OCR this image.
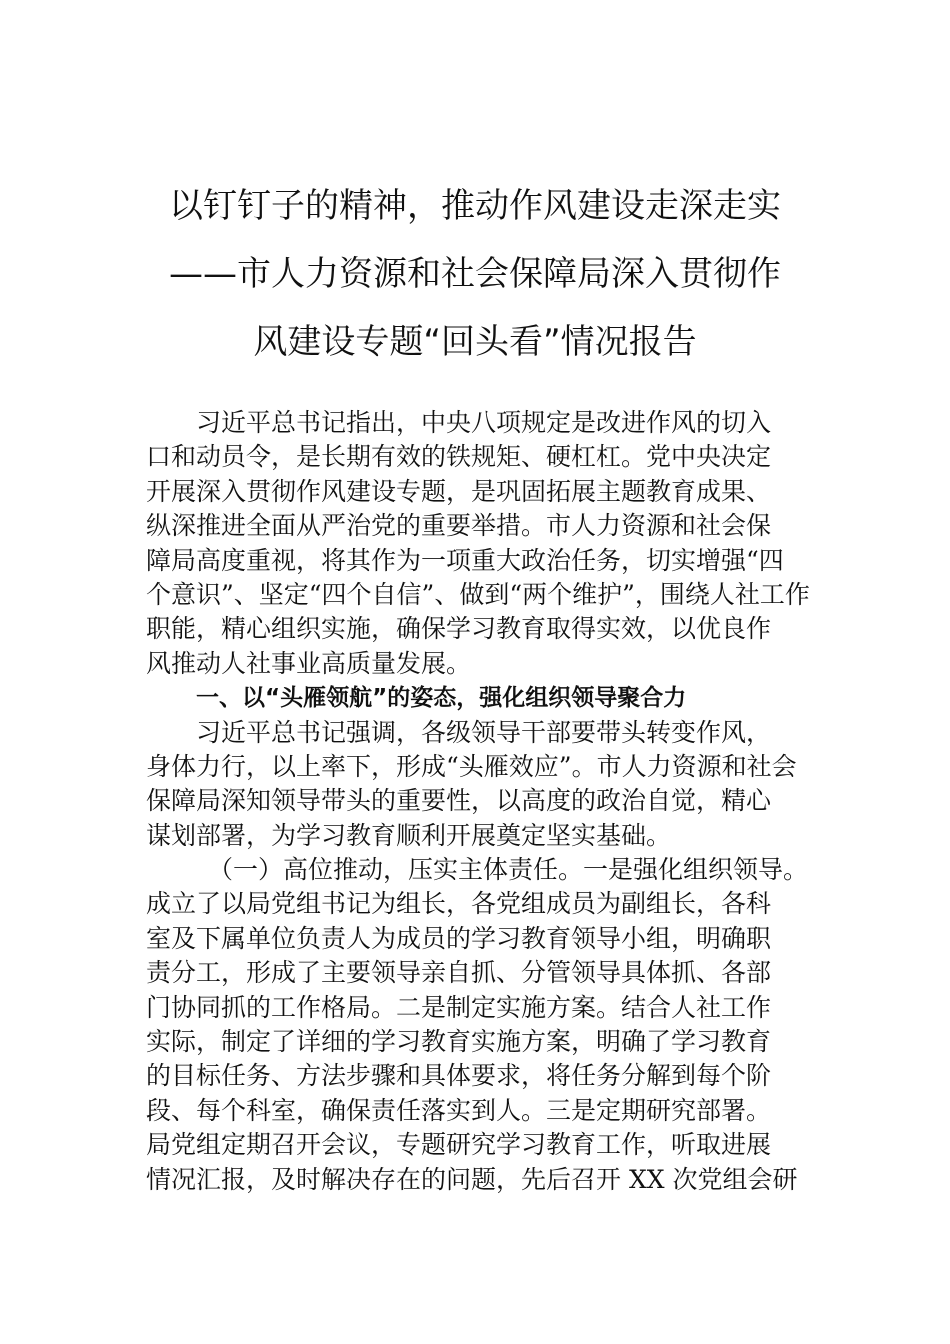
以钉钉子的精神，推动作风建设走深走实
——市人力资源和社会保障局深入贯彻作
风建设专题“回头看”情况报告
习近平总书记指出，中央八项规定是改进作风的切入
口和动员令，是长期有效的铁规矩、硬杠杠。党中央决定
开展深入贯彻作风建设专题，是巩固拓展主题教育成果、
纵深推进全面从严治党的重要举措。市人力资源和社会保
障局高度重视，将其作为一项重大政治任务，切实增强“四
个意识”、坚定“四个自信”、做到“两个维护”，围绕人社工作
职能，精心组织实施，确保学习教育取得实效，以优良作
风推动人社事业高质量发展。
一、以“头雁领航”的姿态，强化组织领导聚合力
习近平总书记强调，各级领导干部要带头转变作风，
身体力行，以上率下，形成“头雁效应”。市人力资源和社会
保障局深知领导带头的重要性，以高度的政治自觉，精心
谋划部署，为学习教育顺利开展奠定坚实基础。
（一）高位推动，压实主体责任。一是强化组织领导。
成立了以局党组书记为组长，各党组成员为副组长，各科
室及下属单位负责人为成员的学习教育领导小组，明确职
责分工，形成了主要领导亲自抓、分管领导具体抓、各部
门协同抓的工作格局。二是制定实施方案。结合人社工作
实际，制定了详细的学习教育实施方案，明确了学习教育
的目标任务、方法步骤和具体要求，将任务分解到每个阶
段、每个科室，确保责任落实到人。三是定期研究部署。
局党组定期召开会议，专题研究学习教育工作，听取进展
情况汇报，及时解决存在的问题，先后召开 XX 次党组会研
